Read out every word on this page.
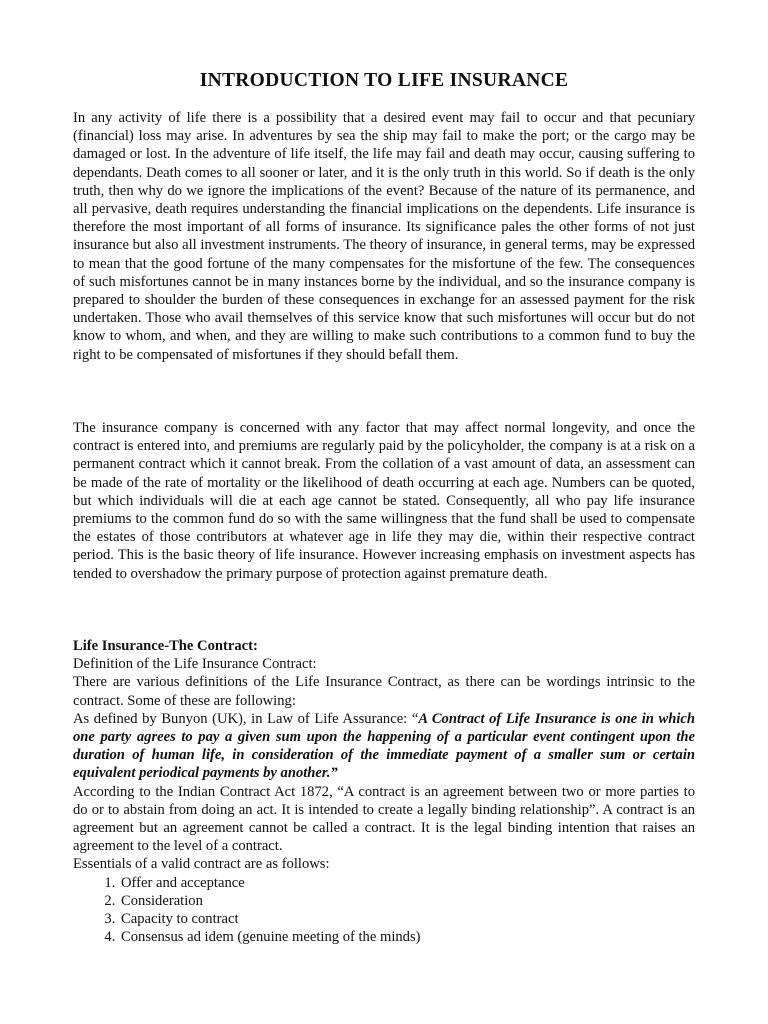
INTRODUCTION TO LIFE INSURANCE

In any activity of life there is a possibility that a desired event may fail to occur and that pecuniary (financial) loss may arise. In adventures by sea the ship may fail to make the port; or the cargo may be damaged or lost. In the adventure of life itself, the life may fail and death may occur, causing suffering to dependants. Death comes to all sooner or later, and it is the only truth in this world. So if death is the only truth, then why do we ignore the implications of the event? Because of the nature of its permanence, and all pervasive, death requires understanding the financial implications on the dependents. Life insurance is therefore the most important of all forms of insurance. Its significance pales the other forms of not just insurance but also all investment instruments. The theory of insurance, in general terms, may be expressed to mean that the good fortune of the many compensates for the misfortune of the few. The consequences of such misfortunes cannot be in many instances borne by the individual, and so the insurance company is prepared to shoulder the burden of these consequences in exchange for an assessed payment for the risk undertaken. Those who avail themselves of this service know that such misfortunes will occur but do not know to whom, and when, and they are willing to make such contributions to a common fund to buy the right to be compensated of misfortunes if they should befall them.

The insurance company is concerned with any factor that may affect normal longevity, and once the contract is entered into, and premiums are regularly paid by the policyholder, the company is at a risk on a permanent contract which it cannot break. From the collation of a vast amount of data, an assessment can be made of the rate of mortality or the likelihood of death occurring at each age. Numbers can be quoted, but which individuals will die at each age cannot be stated. Consequently, all who pay life insurance premiums to the common fund do so with the same willingness that the fund shall be used to compensate the estates of those contributors at whatever age in life they may die, within their respective contract period. This is the basic theory of life insurance. However increasing emphasis on investment aspects has tended to overshadow the primary purpose of protection against premature death.

Life Insurance-The Contract:

Definition of the Life Insurance Contract:

There are various definitions of the Life Insurance Contract, as there can be wordings intrinsic to the contract. Some of these are following:

As defined by Bunyon (UK), in Law of Life Assurance: “A Contract of Life Insurance is one in which one party agrees to pay a given sum upon the happening of a particular event contingent upon the duration of human life, in consideration of the immediate payment of a smaller sum or certain equivalent periodical payments by another.”

According to the Indian Contract Act 1872, “A contract is an agreement between two or more parties to do or to abstain from doing an act. It is intended to create a legally binding relationship”. A contract is an agreement but an agreement cannot be called a contract. It is the legal binding intention that raises an agreement to the level of a contract.

Essentials of a valid contract are as follows:

1. Offer and acceptance
2. Consideration
3. Capacity to contract
4. Consensus ad idem (genuine meeting of the minds)
